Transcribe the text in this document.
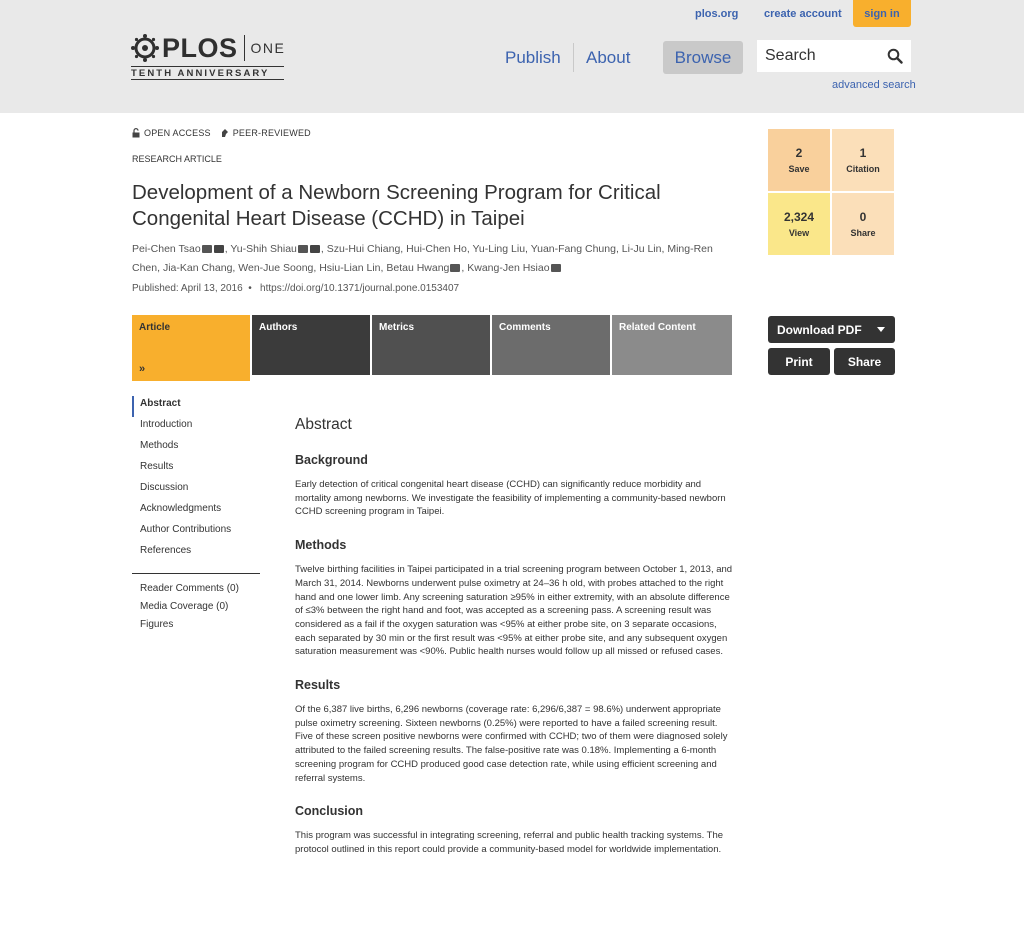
plos.org create account	sign in
PLOS ONE
TENTH ANNIVERSARY
Publish About	Browse
Search
advanced search
OPEN ACCESS PEER-REVIEWED
RESEARCH ARTICLE
Development of a Newborn Screening Program for Critical Congenital Heart Disease (CCHD) in Taipei
Pei-Chen Tsao , Yu-Shih Shiau , Szu-Hui Chiang, Hui-Chen Ho, Yu-Ling Liu, Yuan-Fang Chung, Li-Ju Lin, Ming-Ren Chen, Jia-Kan Chang, Wen-Jue Soong, Hsiu-Lian Lin, Betau Hwang , Kwang-Jen Hsiao
Published: April 13, 2016  •   https://doi.org/10.1371/journal.pone.0153407
2
Save
1
Citation
2,324
View
0
Share
Download PDF
Print	Share
Article
»
Authors	Metrics	Comments	Related Content
Abstract
Introduction
Methods
Results
Discussion
Acknowledgments
Author Contributions
References
Reader Comments (0)
Media Coverage (0)
Figures
Abstract
Background

Early detection of critical congenital heart disease (CCHD) can significantly reduce morbidity and mortality among newborns. We investigate the feasibility of implementing a community-based newborn CCHD screening program in Taipei.

Methods

Twelve birthing facilities in Taipei participated in a trial screening program between October 1, 2013, and March 31, 2014. Newborns underwent pulse oximetry at 24–36 h old, with probes attached to the right hand and one lower limb. Any screening saturation ≥95% in either extremity, with an absolute difference of ≤3% between the right hand and foot, was accepted as a screening pass. A screening result was considered as a fail if the oxygen saturation was <95% at either probe site, on 3 separate occasions, each separated by 30 min or the first result was <95% at either probe site, and any subsequent oxygen saturation measurement was <90%. Public health nurses would follow up all missed or refused cases.

Results

Of the 6,387 live births, 6,296 newborns (coverage rate: 6,296/6,387 = 98.6%) underwent appropriate pulse oximetry screening. Sixteen newborns (0.25%) were reported to have a failed screening result. Five of these screen positive newborns were confirmed with CCHD; two of them were diagnosed solely attributed to the failed screening results. The false-positive rate was 0.18%. Implementing a 6-month screening program for CCHD produced good case detection rate, while using efficient screening and referral systems.

Conclusion

This program was successful in integrating screening, referral and public health tracking systems. The protocol outlined in this report could provide a community-based model for worldwide implementation.
